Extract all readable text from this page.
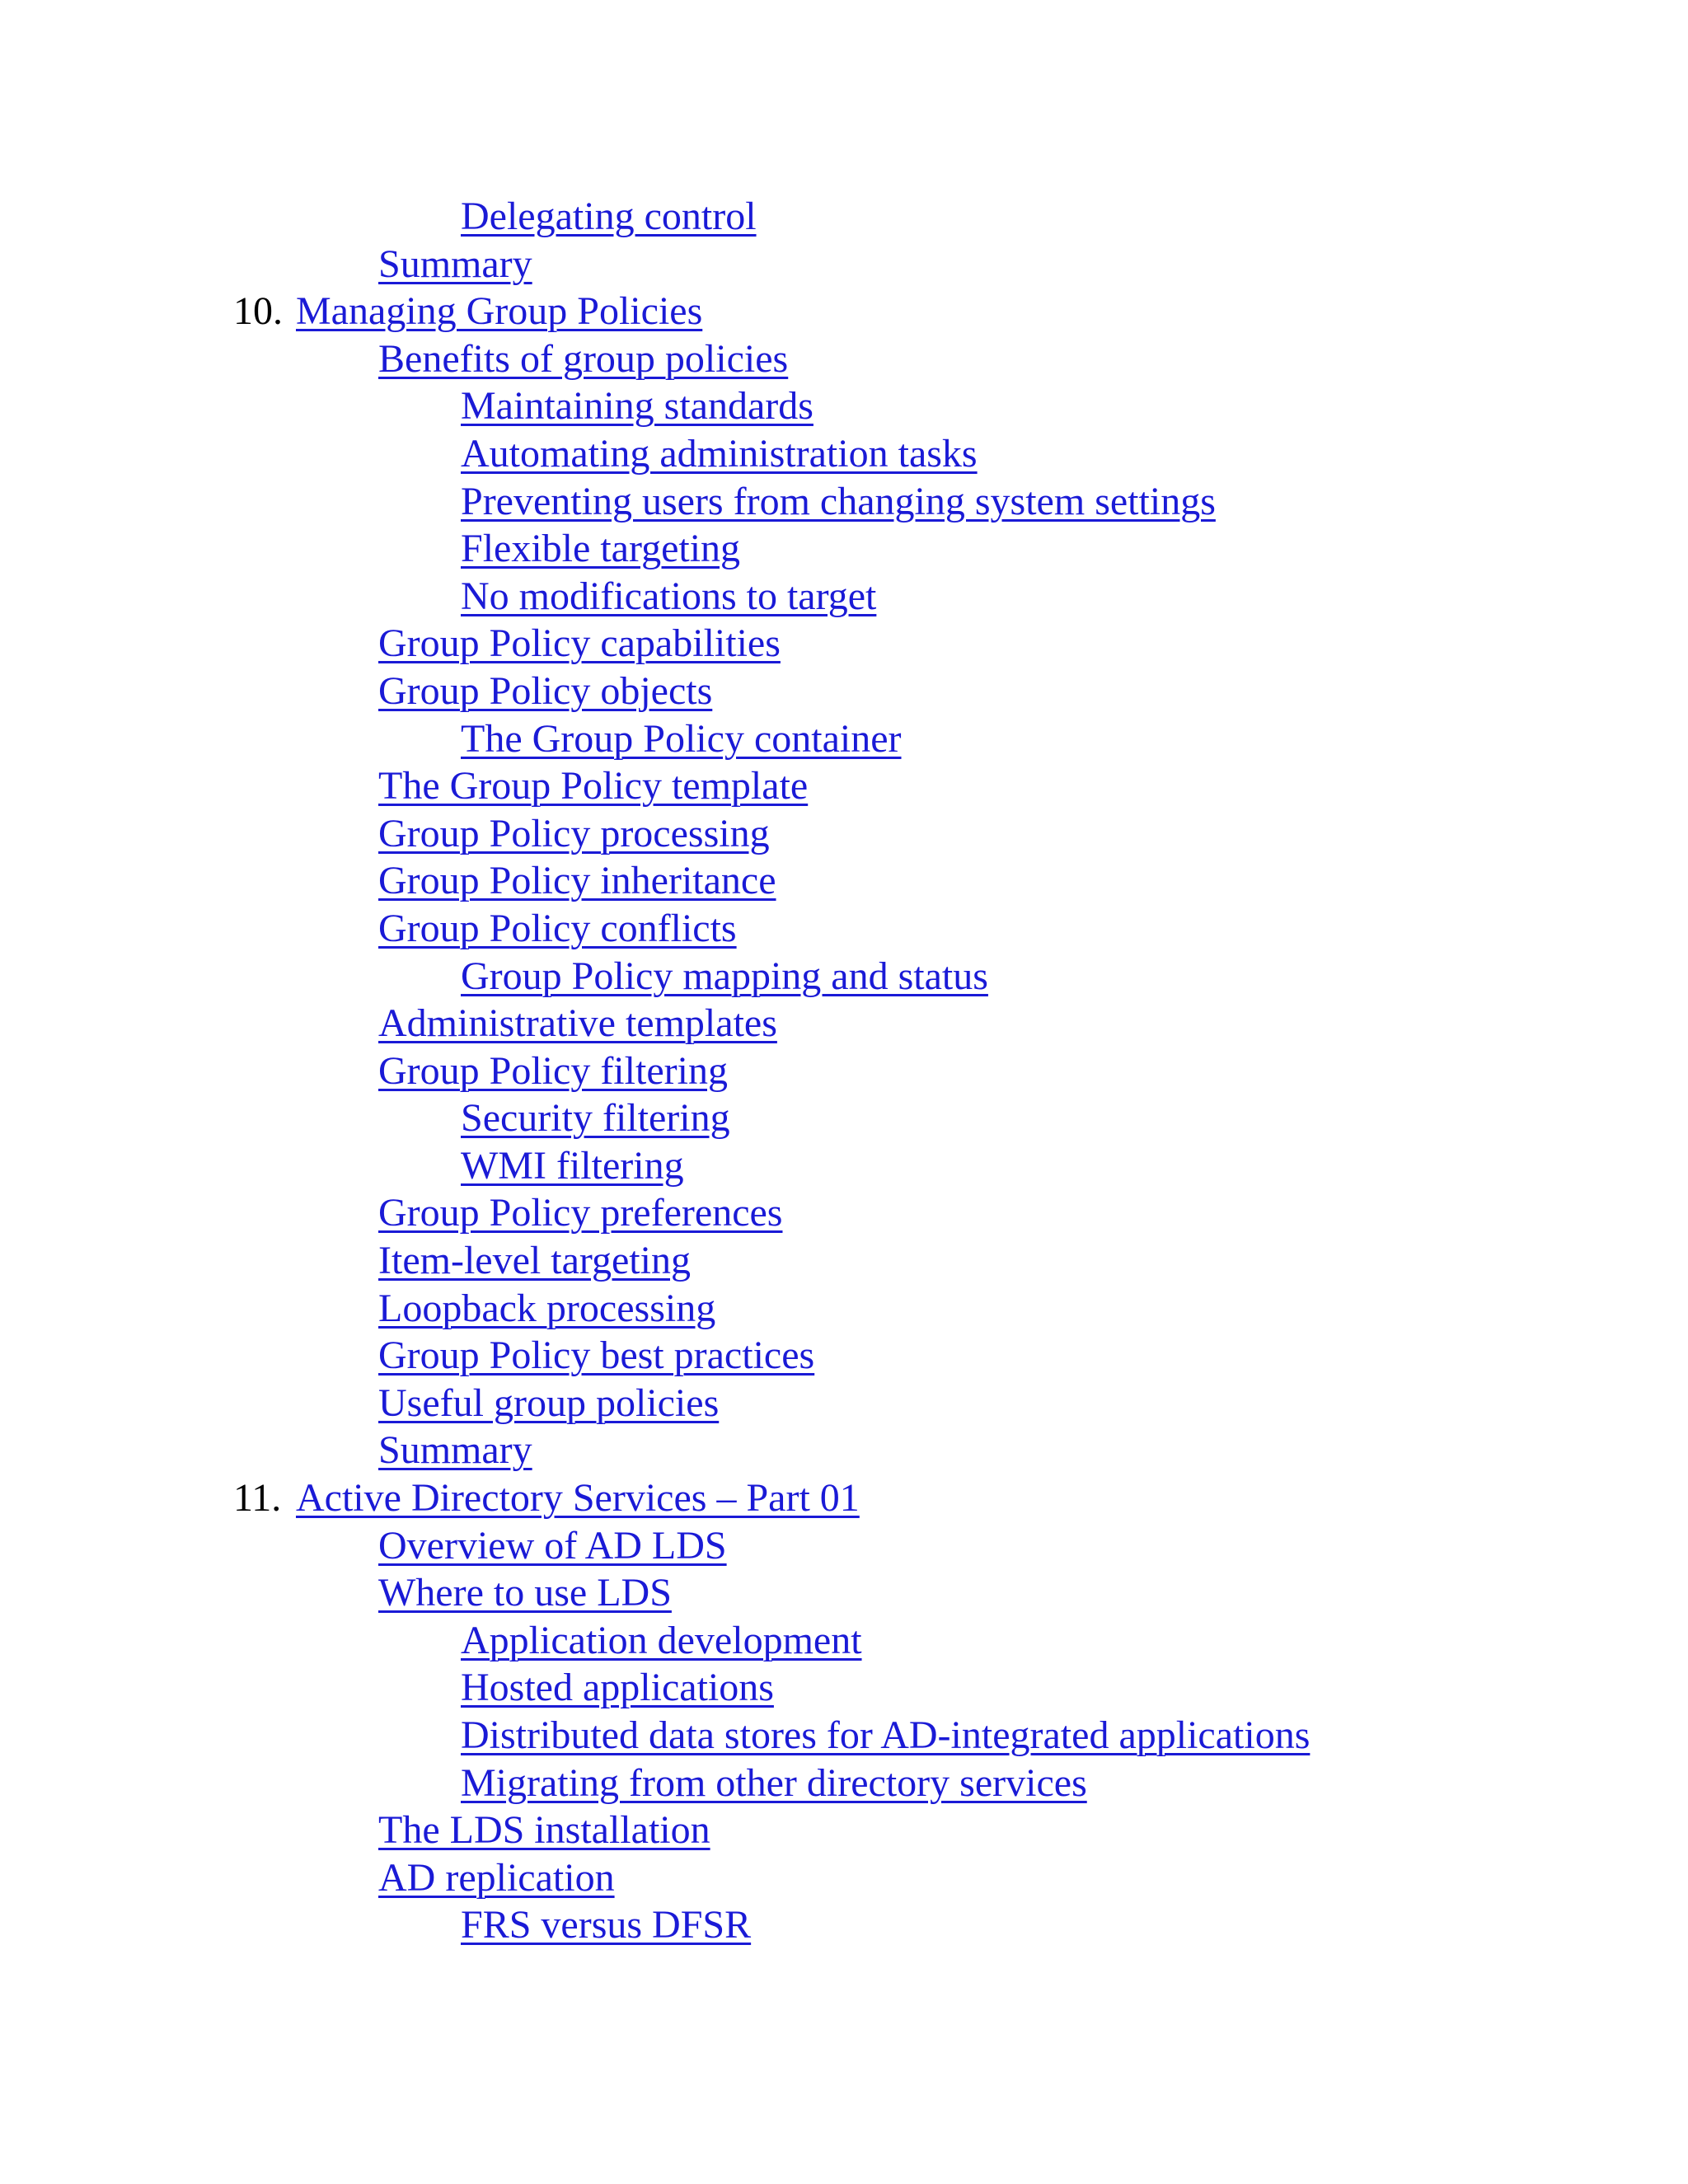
Delegating control
Summary
10. Managing Group Policies
Benefits of group policies
Maintaining standards
Automating administration tasks
Preventing users from changing system settings
Flexible targeting
No modifications to target
Group Policy capabilities
Group Policy objects
The Group Policy container
The Group Policy template
Group Policy processing
Group Policy inheritance
Group Policy conflicts
Group Policy mapping and status
Administrative templates
Group Policy filtering
Security filtering
WMI filtering
Group Policy preferences
Item-level targeting
Loopback processing
Group Policy best practices
Useful group policies
Summary
11. Active Directory Services – Part 01
Overview of AD LDS
Where to use LDS
Application development
Hosted applications
Distributed data stores for AD-integrated applications
Migrating from other directory services
The LDS installation
AD replication
FRS versus DFSR
